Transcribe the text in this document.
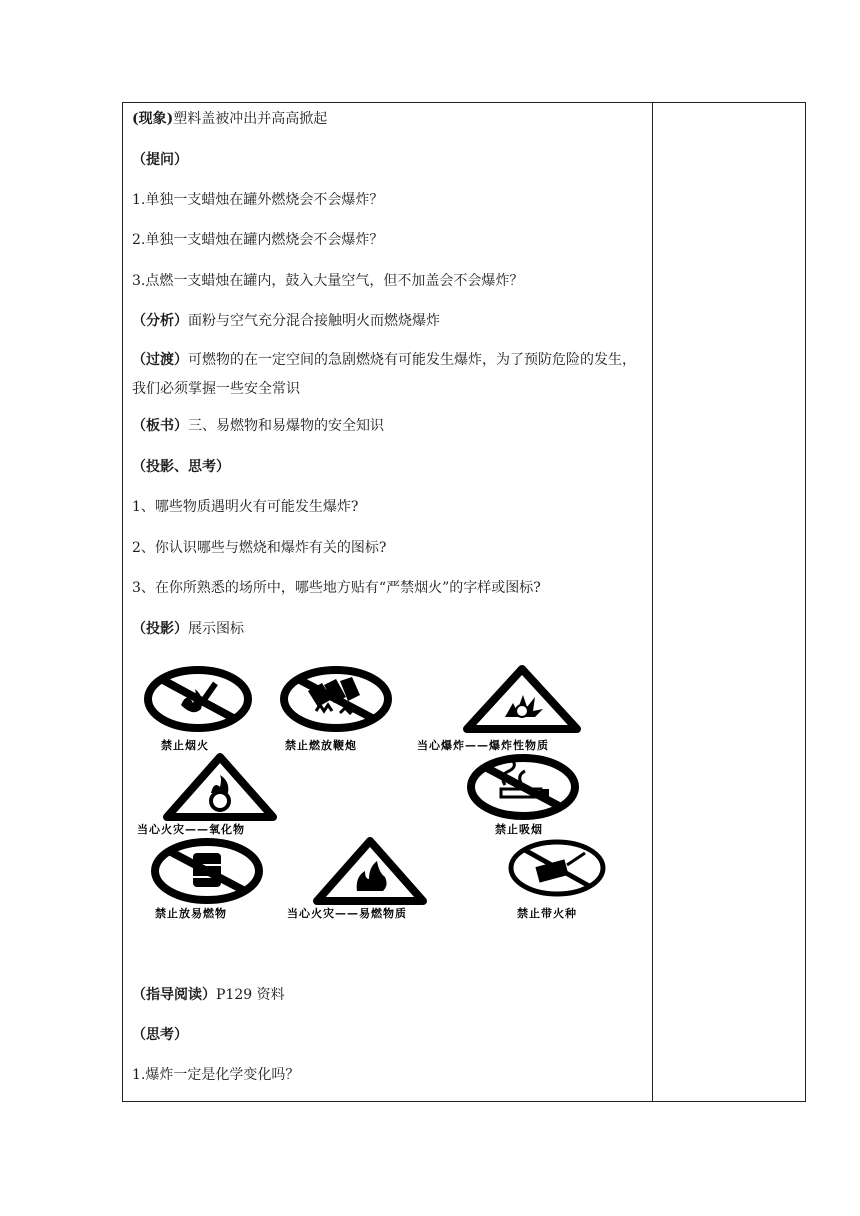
(现象)塑料盖被冲出并高高掀起
（提问）
1.单独一支蜡烛在罐外燃烧会不会爆炸？
2.单独一支蜡烛在罐内燃烧会不会爆炸？
3.点燃一支蜡烛在罐内，鼓入大量空气，但不加盖会不会爆炸？
（分析）面粉与空气充分混合接触明火而燃烧爆炸
（过渡）可燃物的在一定空间的急剧燃烧有可能发生爆炸，为了预防危险的发生，我们必须掌握一些安全常识
（板书）三、易燃物和易爆物的安全知识
（投影、思考）
1、哪些物质遇明火有可能发生爆炸?
2、你认识哪些与燃烧和爆炸有关的图标?
3、在你所熟悉的场所中，哪些地方贴有“严禁烟火”的字样或图标?
（投影）展示图标
禁止烟火	禁止燃放鞭炮	当心爆炸——爆炸性物质
当心火灾——氧化物	禁止吸烟
禁止放易燃物	当心火灾——易燃物质	禁止带火种
（指导阅读）P129 资料
（思考）
1.爆炸一定是化学变化吗？
